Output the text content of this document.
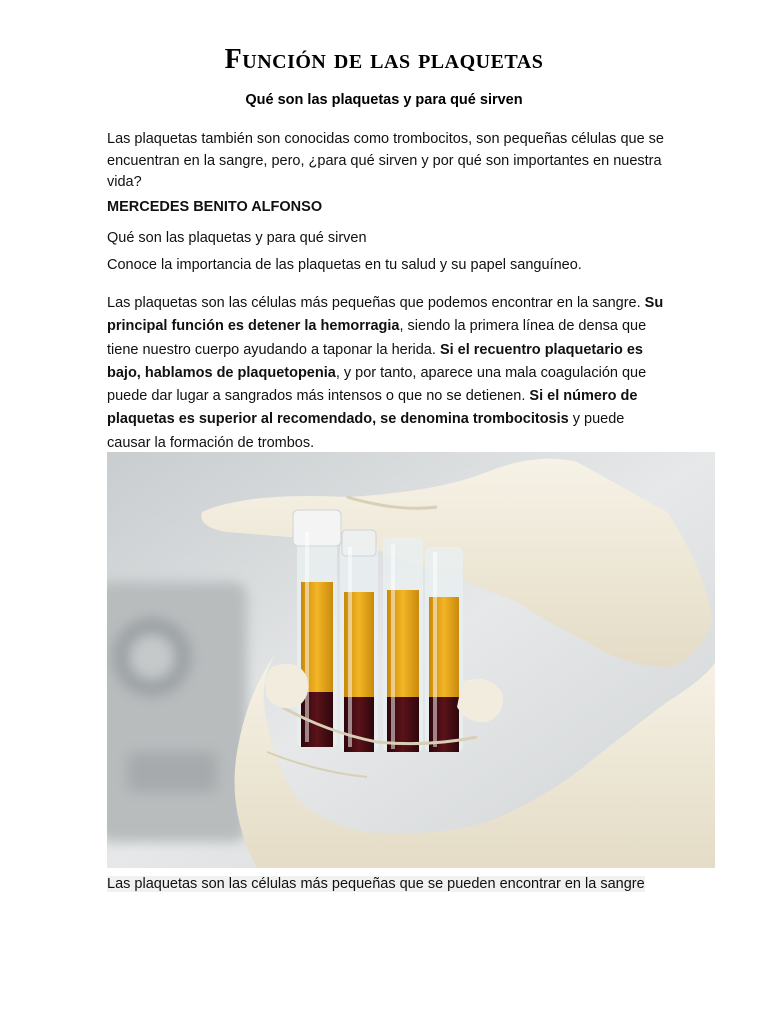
Función de las plaquetas

Qué son las plaquetas y para qué sirven

Las plaquetas también son conocidas como trombocitos, son pequeñas células que se encuentran en la sangre, pero, ¿para qué sirven y por qué son importantes en nuestra vida?

MERCEDES BENITO ALFONSO

Qué son las plaquetas y para qué sirven

Conoce la importancia de las plaquetas en tu salud y su papel sanguíneo.

Las plaquetas son las células más pequeñas que podemos encontrar en la sangre. Su principal función es detener la hemorragia, siendo la primera línea de densa que tiene nuestro cuerpo ayudando a taponar la herida. Si el recuentro plaquetario es bajo, hablamos de plaquetopenia, y por tanto, aparece una mala coagulación que puede dar lugar a sangrados más intensos o que no se detienen. Si el número de plaquetas es superior al recomendado, se denomina trombocitosis y puede causar la formación de trombos.

Las plaquetas son las células más pequeñas que se pueden encontrar en la sangre
